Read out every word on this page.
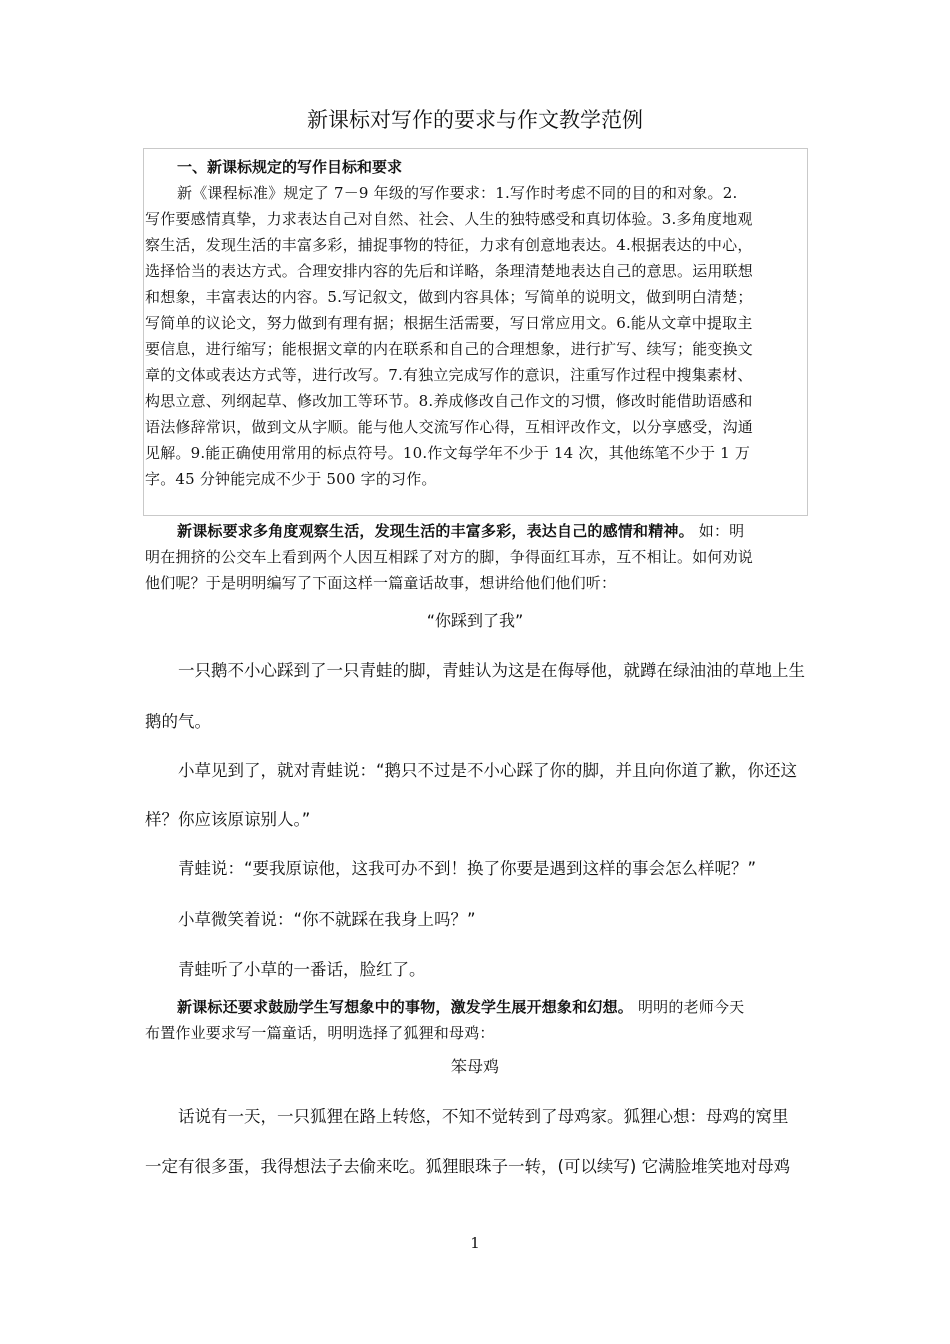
新课标对写作的要求与作文教学范例
一、新课标规定的写作目标和要求
新《课程标准》规定了 7－9 年级的写作要求：1.写作时考虑不同的目的和对象。2.
写作要感情真挚，力求表达自己对自然、社会、人生的独特感受和真切体验。3.多角度地观
察生活，发现生活的丰富多彩，捕捉事物的特征，力求有创意地表达。4.根据表达的中心，
选择恰当的表达方式。合理安排内容的先后和详略，条理清楚地表达自己的意思。运用联想
和想象，丰富表达的内容。5.写记叙文，做到内容具体；写简单的说明文，做到明白清楚；
写简单的议论文，努力做到有理有据；根据生活需要，写日常应用文。6.能从文章中提取主
要信息，进行缩写；能根据文章的内在联系和自己的合理想象，进行扩写、续写；能变换文
章的文体或表达方式等，进行改写。7.有独立完成写作的意识，注重写作过程中搜集素材、
构思立意、列纲起草、修改加工等环节。8.养成修改自己作文的习惯，修改时能借助语感和
语法修辞常识，做到文从字顺。能与他人交流写作心得，互相评改作文，以分享感受，沟通
见解。9.能正确使用常用的标点符号。10.作文每学年不少于 14 次，其他练笔不少于 1 万
字。45 分钟能完成不少于 500 字的习作。
新课标要求多角度观察生活，发现生活的丰富多彩，表达自己的感情和精神。 如：明
明在拥挤的公交车上看到两个人因互相踩了对方的脚，争得面红耳赤，互不相让。如何劝说
他们呢？于是明明编写了下面这样一篇童话故事，想讲给他们他们听：
“你踩到了我”
一只鹅不小心踩到了一只青蛙的脚，青蛙认为这是在侮辱他，就蹲在绿油油的草地上生
鹅的气。
小草见到了，就对青蛙说：“鹅只不过是不小心踩了你的脚，并且向你道了歉，你还这
样？你应该原谅别人。”
青蛙说：“要我原谅他，这我可办不到！换了你要是遇到这样的事会怎么样呢？”
小草微笑着说：“你不就踩在我身上吗？”
青蛙听了小草的一番话，脸红了。
新课标还要求鼓励学生写想象中的事物，激发学生展开想象和幻想。 明明的老师今天
布置作业要求写一篇童话，明明选择了狐狸和母鸡：
笨母鸡
话说有一天，一只狐狸在路上转悠，不知不觉转到了母鸡家。狐狸心想：母鸡的窝里
一定有很多蛋，我得想法子去偷来吃。狐狸眼珠子一转，(可以续写) 它满脸堆笑地对母鸡
1
